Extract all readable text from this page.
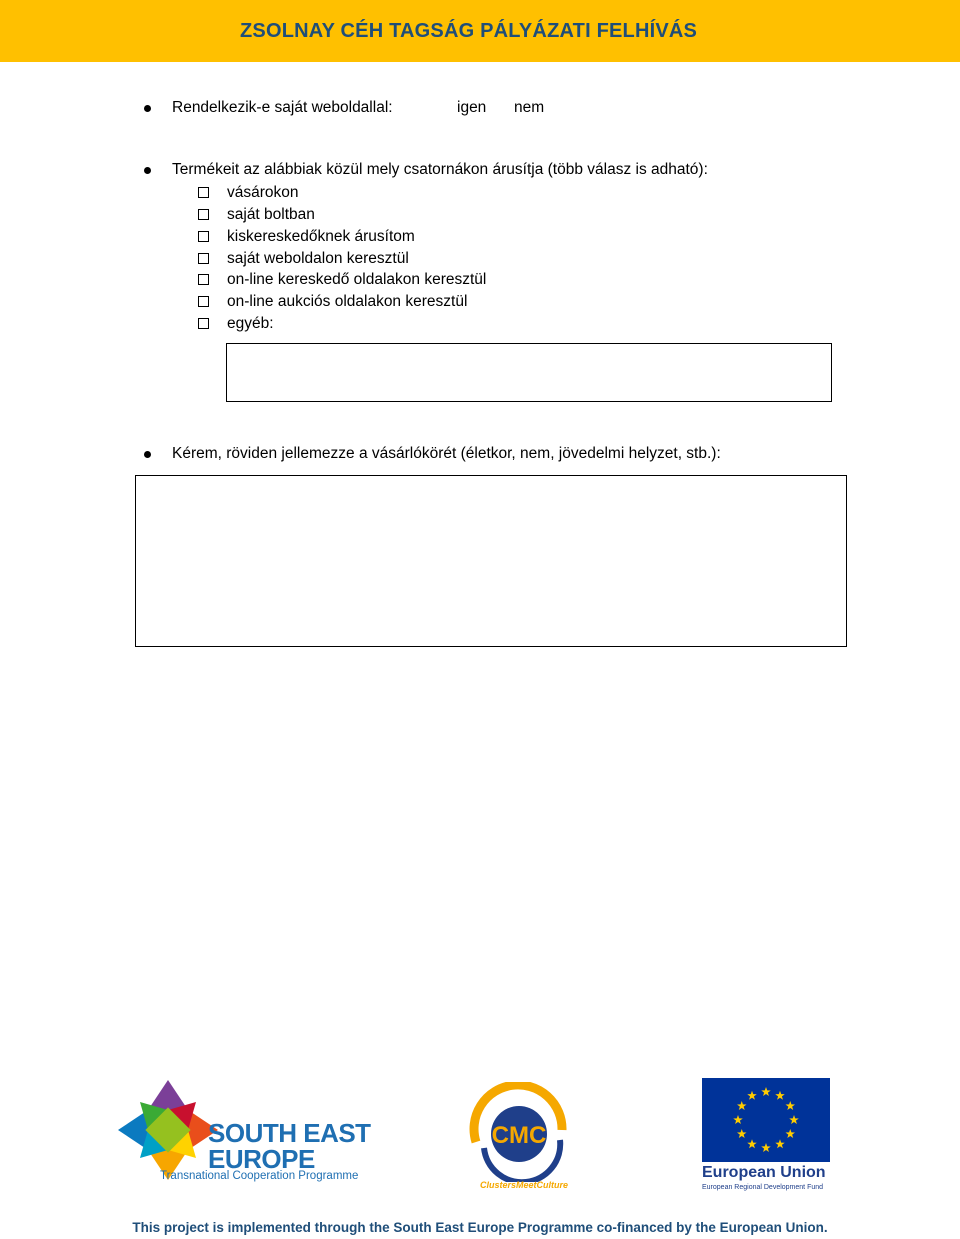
ZSOLNAY CÉH TAGSÁG PÁLYÁZATI FELHÍVÁS
Rendelkezik-e saját weboldallal:	igen nem
Termékeit az alábbiak közül mely csatornákon árusítja (több válasz is adható):
vásárokon
saját boltban
kiskereskedőknek árusítom
saját weboldalon keresztül
on-line kereskedő oldalakon keresztül
on-line aukciós oldalakon keresztül
egyéb:
Kérem, röviden jellemezze a vásárlókörét (életkor, nem, jövedelmi helyzet, stb.):
SOUTH EAST
EUROPE
Transnational Cooperation Programme
CMC
ClustersMeetCulture
European Union
European Regional Development Fund
This project is implemented through the South East Europe Programme co-financed by the European Union.
